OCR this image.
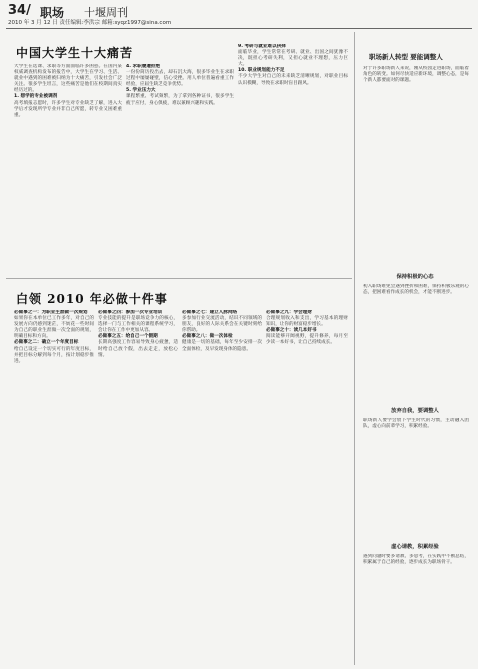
34/ 职场 十堰周刊
2010 年 3 月 12 日 责任编辑:李洪宗 邮箱:syqz1997@sina.com
中国大学生十大痛苦
大学生在选课、求职等方面面临许多困惑。在国内某权威调查机构发布的报告中，大学生在学习、生活、就业中遇到的困难被归纳为十大痛苦，引发社会广泛关注。很多学生坦言，这些痛苦是他们在校期间真实经历过的。
1. 想学的专业被调剂
高考填报志愿时，许多学生对专业缺乏了解，进入大学后才发现所学专业并非自己所愿，转专业又困难重重。
4. 求职屡遭拒绝
一份份简历投出去，却石沉大海，很多毕业生在求职过程中屡屡碰壁，信心受挫。用人单位普遍看重工作经验，应届生缺乏竞争优势。
5. 学业压力大
课程繁重、考试频繁，为了拿到各种证书，很多学生疲于应付，身心俱疲，难以兼顾兴趣和实践。
9. 考研与就业难以抉择
面临毕业，学生常常在考研、就业、出国之间犹豫不决，既担心考研失利，又担心就业不理想，压力巨大。
10. 职业规划能力不足
不少大学生对自己的未来缺乏清晰规划，对职业目标认识模糊，导致在求职时盲目跟风。
白领 2010 年必做十件事
必做事之一：为职业生涯做一次规划
如果你在本单位已工作多年，对自己的发展方向仍感到迷茫，不妨花一些时间为自己的职业生涯做一次全面的规划，明确目标和方向。
必做事之二：确立一个年度目标
给自己设定一个切实可行的年度目标，并把目标分解到每个月，按计划稳步推进。
必做事之四：参加一次专业培训
专业技能的提升是职场竞争力的核心，选择一门与工作相关的课程系统学习，会让你在工作中更加从容。
必做事之五：给自己一个假期
长期高强度工作容易导致身心疲惫，适时给自己放个假，出去走走，放松心情。
必做事之七：建立人脉网络
多参加行业交流活动，结识不同领域的朋友，良好的人际关系会在关键时刻给你帮助。
必做事之八：做一次体检
健康是一切的基础，每年至少安排一次全面体检，及早发现身体的隐患。
必做事之九：学会理财
合理规划收入和支出，学习基本的理财知识，让你的财富稳步增长。
必做事之十：读几本好书
阅读能够开阔视野，提升修养，每月至少读一本好书，让自己持续成长。
职场新人转型 要能调整人
对于许多职场新人来说，刚从校园走进职场，面临着角色的转变。如何尽快适应新环境，调整心态，是每个新人都要面对的课题。
保持积极的心态
初入职场难免会遇到挫折和困难，保持积极乐观的心态，把困难看作成长的机会，才能不断进步。
放弃自我，要调整人
职场新人要学会放下学生时代的习惯，主动融入团队，虚心向前辈学习，积累经验。
虚心请教，积累经验
遇到问题时要多请教、多思考，在实践中不断总结，积累属于自己的经验，逐步成长为职场骨干。
